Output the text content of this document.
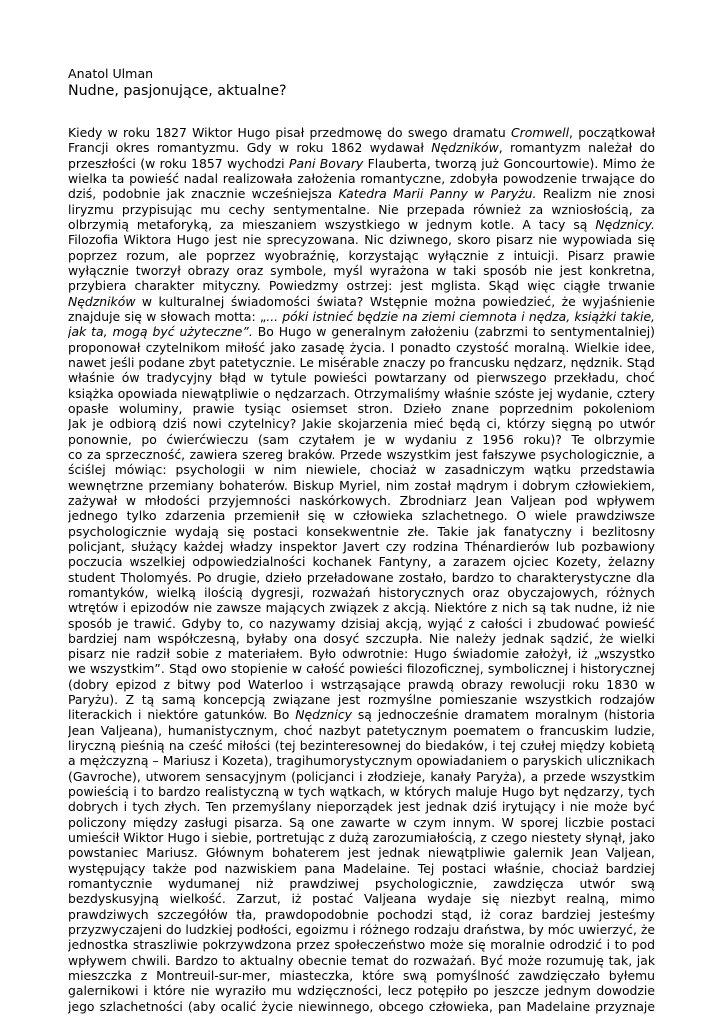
Anatol Ulman
Nudne, pasjonujące, aktualne?
Kiedy w roku 1827 Wiktor Hugo pisał przedmowę do swego dramatu Cromwell, początkował
Francji okres romantyzmu. Gdy w roku 1862 wydawał Nędzników, romantyzm należał do
przeszłości (w roku 1857 wychodzi Pani Bovary Flauberta, tworzą już Goncourtowie). Mimo że
wielka ta powieść nadal realizowała założenia romantyczne, zdobyła powodzenie trwające do
dziś, podobnie jak znacznie wcześniejsza Katedra Marii Panny w Paryżu. Realizm nie znosi
liryzmu przypisując mu cechy sentymentalne. Nie przepada również za wzniosłością, za
olbrzymią metaforyką, za mieszaniem wszystkiego w jednym kotle. A tacy są Nędznicy.
Filozofia Wiktora Hugo jest nie sprecyzowana. Nic dziwnego, skoro pisarz nie wypowiada się
poprzez rozum, ale poprzez wyobraźnię, korzystając wyłącznie z intuicji. Pisarz prawie
wyłącznie tworzył obrazy oraz symbole, myśl wyrażona w taki sposób nie jest konkretna,
przybiera charakter mityczny. Powiedzmy ostrzej: jest mglista. Skąd więc ciągłe trwanie
Nędzników w kulturalnej świadomości świata? Wstępnie można powiedzieć, że wyjaśnienie
znajduje się w słowach motta: „... póki istnieć będzie na ziemi ciemnota i nędza, książki takie,
jak ta, mogą być użyteczne”. Bo Hugo w generalnym założeniu (zabrzmi to sentymentalniej)
proponował czytelnikom miłość jako zasadę życia. I ponadto czystość moralną. Wielkie idee,
nawet jeśli podane zbyt patetycznie. Le misérable znaczy po francusku nędzarz, nędznik. Stąd
właśnie ów tradycyjny błąd w tytule powieści powtarzany od pierwszego przekładu, choć
książka opowiada niewątpliwie o nędzarzach. Otrzymaliśmy właśnie szóste jej wydanie, cztery
opasłe woluminy, prawie tysiąc osiemset stron. Dzieło znane poprzednim pokoleniom
Jak je odbiorą dziś nowi czytelnicy? Jakie skojarzenia mieć będą ci, którzy sięgną po utwór
ponownie, po ćwierćwieczu (sam czytałem je w wydaniu z 1956 roku)? Te olbrzymie
co za sprzeczność, zawiera szereg braków. Przede wszystkim jest fałszywe psychologicznie, a
ściślej mówiąc: psychologii w nim niewiele, chociaż w zasadniczym wątku przedstawia
wewnętrzne przemiany bohaterów. Biskup Myriel, nim został mądrym i dobrym człowiekiem,
zażywał w młodości przyjemności naskórkowych. Zbrodniarz Jean Valjean pod wpływem
jednego tylko zdarzenia przemienił się w człowieka szlachetnego. O wiele prawdziwsze
psychologicznie wydają się postaci konsekwentnie złe. Takie jak fanatyczny i bezlitosny
policjant, służący każdej władzy inspektor Javert czy rodzina Thénardierów lub pozbawiony
poczucia wszelkiej odpowiedzialności kochanek Fantyny, a zarazem ojciec Kozety, żelazny
student Tholomyés. Po drugie, dzieło przeładowane zostało, bardzo to charakterystyczne dla
romantyków, wielką ilością dygresji, rozważań historycznych oraz obyczajowych, różnych
wtrętów i epizodów nie zawsze mających związek z akcją. Niektóre z nich są tak nudne, iż nie
sposób je trawić. Gdyby to, co nazywamy dzisiaj akcją, wyjąć z całości i zbudować powieść
bardziej nam współczesną, byłaby ona dosyć szczupła. Nie należy jednak sądzić, że wielki
pisarz nie radził sobie z materiałem. Było odwrotnie: Hugo świadomie założył, iż „wszystko
we wszystkim”. Stąd owo stopienie w całość powieści filozoficznej, symbolicznej i historycznej
(dobry epizod z bitwy pod Waterloo i wstrząsające prawdą obrazy rewolucji roku 1830 w
Paryżu). Z tą samą koncepcją związane jest rozmyślne pomieszanie wszystkich rodzajów
literackich i niektóre gatunków. Bo Nędznicy są jednocześnie dramatem moralnym (historia
Jean Valjeana), humanistycznym, choć nazbyt patetycznym poematem o francuskim ludzie,
liryczną pieśnią na cześć miłości (tej bezinteresownej do biedaków, i tej czułej między kobietą
a mężczyzną – Mariusz i Kozeta), tragihumorystycznym opowiadaniem o paryskich ulicznikach
(Gavroche), utworem sensacyjnym (policjanci i złodzieje, kanały Paryża), a przede wszystkim
powieścią i to bardzo realistyczną w tych wątkach, w których maluje Hugo byt nędzarzy, tych
dobrych i tych złych. Ten przemyślany nieporządek jest jednak dziś irytujący i nie może być
policzony między zasługi pisarza. Są one zawarte w czym innym. W sporej liczbie postaci
umieścił Wiktor Hugo i siebie, portretując z dużą zarozumiałością, z czego niestety słynął, jako
powstaniec Mariusz. Głównym bohaterem jest jednak niewątpliwie galernik Jean Valjean,
występujący także pod nazwiskiem pana Madelaine. Tej postaci właśnie, chociaż bardziej
romantycznie wydumanej niż prawdziwej psychologicznie, zawdzięcza utwór swą
bezdyskusyjną wielkość. Zarzut, iż postać Valjeana wydaje się niezbyt realną, mimo
prawdziwych szczegółów tła, prawdopodobnie pochodzi stąd, iż coraz bardziej jesteśmy
przyzwyczajeni do ludzkiej podłości, egoizmu i różnego rodzaju draństwa, by móc uwierzyć, że
jednostka straszliwie pokrzywdzona przez społeczeństwo może się moralnie odrodzić i to pod
wpływem chwili. Bardzo to aktualny obecnie temat do rozważań. Być może rozumuję tak, jak
mieszczka z Montreuil-sur-mer, miasteczka, które swą pomyślność zawdzięczało byłemu
galernikowi i które nie wyraziło mu wdzięczności, lecz potępiło po jeszcze jednym dowodzie
jego szlachetności (aby ocalić życie niewinnego, obcego człowieka, pan Madelaine przyznaje
